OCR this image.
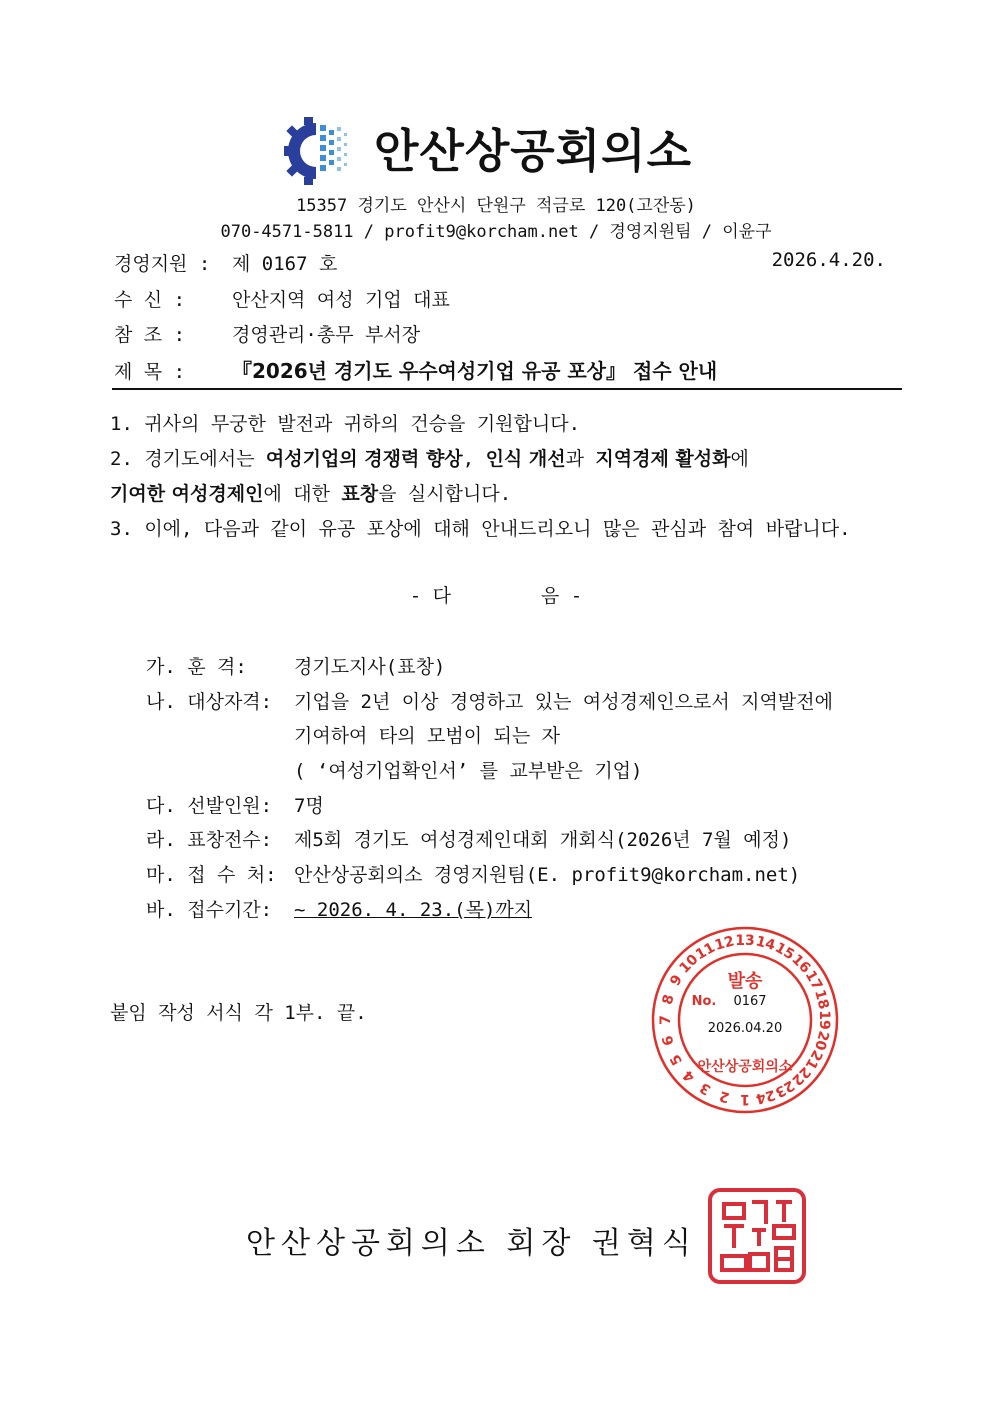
안산상공회의소
15357 경기도 안산시 단원구 적금로 120(고잔동)
070-4571-5811 / profit9@korcham.net / 경영지원팀 / 이윤구
경영지원 : 제 0167 호	2026.4.20.
수 신 : 안산지역 여성 기업 대표
참 조 : 경영관리·총무 부서장
제 목 : 『2026년 경기도 우수여성기업 유공 포상』 접수 안내
1. 귀사의 무궁한 발전과 귀하의 건승을 기원합니다.
2. 경기도에서는 여성기업의 경쟁력 향상, 인식 개선과 지역경제 활성화에
기여한 여성경제인에 대한 표창을 실시합니다.
3. 이에, 다음과 같이 유공 포상에 대해 안내드리오니 많은 관심과 참여 바랍니다.
- 다	음 -
가. 훈 격: 경기도지사(표창)
나. 대상자격: 기업을 2년 이상 경영하고 있는 여성경제인으로서 지역발전에
기여하여 타의 모범이 되는 자
( ‘여성기업확인서’ 를 교부받은 기업)
다. 선발인원: 7명
라. 표창전수: 제5회 경기도 여성경제인대회 개회식(2026년 7월 예정)
마. 접 수 처: 안산상공회의소 경영지원팀(E. profit9@korcham.net)
바. 접수기간: ~ 2026. 4. 23.(목)까지
붙임 작성 서식 각 1부. 끝.
1
2
3
4
5
6
7
8
9
10
11
12 13 14
15
16
17
18
19
20
21
22
23
24
발송
No. 0167
2026.04.20
안산상공회의소
안산상공회의소 회장 권혁식
